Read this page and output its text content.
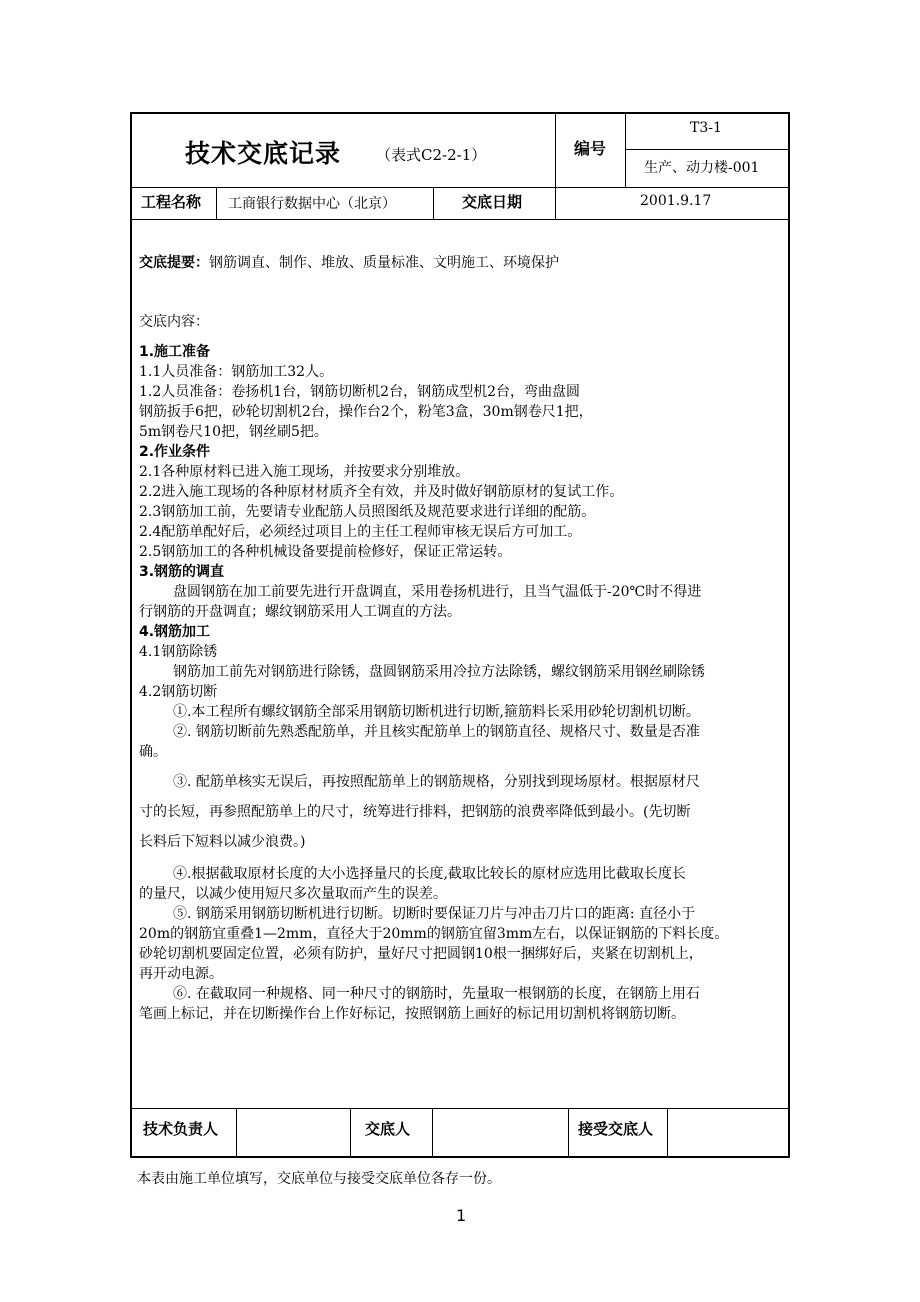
技术交底记录 （表式C2-2-1）	编号
T3-1
生产、动力楼-001
工程名称 工商银行数据中心（北京）	交底日期	2001.9.17
交底提要：钢筋调直、制作、堆放、质量标准、文明施工、环境保护
交底内容：

1.施工准备

1.1人员准备：钢筋加工32人。

1.2人员准备：卷扬机1台，钢筋切断机2台，钢筋成型机2台，弯曲盘圆

钢筋扳手6把，砂轮切割机2台，操作台2个，粉笔3盒，30m钢卷尺1把，

5m钢卷尺10把，钢丝刷5把。

2.作业条件

2.1各种原材料已进入施工现场，并按要求分别堆放。

2.2进入施工现场的各种原材材质齐全有效，并及时做好钢筋原材的复试工作。

2.3钢筋加工前，先要请专业配筋人员照图纸及规范要求进行详细的配筋。

2.4配筋单配好后，必须经过项目上的主任工程师审核无误后方可加工。

2.5钢筋加工的各种机械设备要提前检修好，保证正常运转。

3.钢筋的调直

盘圆钢筋在加工前要先进行开盘调直，采用卷扬机进行，且当气温低于-20℃时不得进

行钢筋的开盘调直；螺纹钢筋采用人工调直的方法。

4.钢筋加工

4.1钢筋除锈

钢筋加工前先对钢筋进行除锈，盘圆钢筋采用冷拉方法除锈，螺纹钢筋采用钢丝刷除锈

4.2钢筋切断

①.本工程所有螺纹钢筋全部采用钢筋切断机进行切断,箍筋料长采用砂轮切割机切断。

②. 钢筋切断前先熟悉配筋单，并且核实配筋单上的钢筋直径、规格尺寸、数量是否准

确。

③. 配筋单核实无误后，再按照配筋单上的钢筋规格，分别找到现场原材。根据原材尺

寸的长短，再参照配筋单上的尺寸，统筹进行排料，把钢筋的浪费率降低到最小。(先切断

长料后下短料以减少浪费。)

④.根据截取原材长度的大小选择量尺的长度,截取比较长的原材应选用比截取长度长

的量尺，以减少使用短尺多次量取而产生的误差。

⑤. 钢筋采用钢筋切断机进行切断。切断时要保证刀片与冲击刀片口的距离: 直径小于

20m的钢筋宜重叠1—2mm，直径大于20mm的钢筋宜留3mm左右，以保证钢筋的下料长度。

砂轮切割机要固定位置，必须有防护，量好尺寸把圆钢10根一捆绑好后，夹紧在切割机上，

再开动电源。

⑥. 在截取同一种规格、同一种尺寸的钢筋时，先量取一根钢筋的长度，在钢筋上用石

笔画上标记，并在切断操作台上作好标记，按照钢筋上画好的标记用切割机将钢筋切断。

技术负责人	交底人	接受交底人
本表由施工单位填写，交底单位与接受交底单位各存一份。
1
